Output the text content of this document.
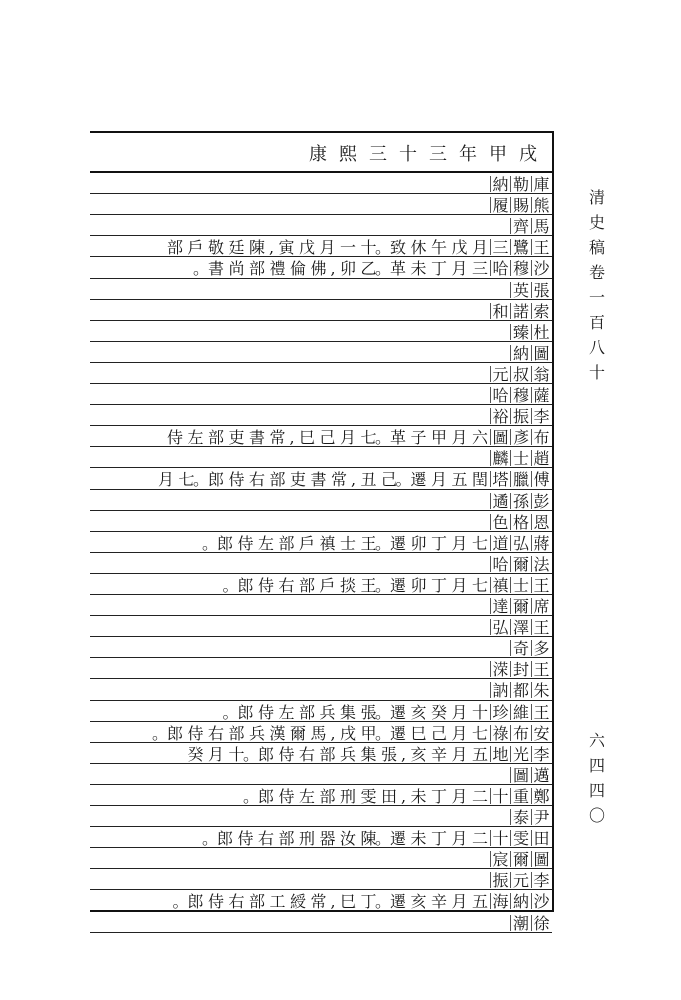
清
史
稿
卷
一
百
八
十
六
四
四
〇
康熙三十三年甲戌
庫
勒
納
熊
賜
履
馬
齊
王
鷺
三
月
戊
午
休
致
。
十
一
月
戊
寅
,
陳
廷
敬
戶
部
沙
穆
哈
三
月
丁
未
革
。
乙
卯
,
佛
倫
禮
部
尚
書
。
張
英
索
諾
和
杜
臻
圖
納
翁
叔
元
薩
穆
哈
李
振
裕
布
彥
圖
六
月
甲
子
革
。
七
月
己
巳
,
常
書
吏
部
左
侍
趙
士
麟
傅
臘
塔
閏
五
月
遷
。
己
丑
,
常
書
吏
部
右
侍
郎
。
七
月
彭
孫
遹
恩
格
色
蔣
弘
道
七
月
丁
卯
遷
。
王
士
禛
戶
部
左
侍
郎
。
法
爾
哈
王
士
禛
七
月
丁
卯
遷
。
王
掞
戶
部
右
侍
郎
。
席
爾
達
王
澤
弘
多
奇
王
封
溁
朱
都
訥
王
維
珍
十
月
癸
亥
遷
。
張
集
兵
部
左
侍
郎
。
安
布
祿
七
月
己
巳
遷
。
甲
戌
,
馬
爾
漢
兵
部
右
侍
郎
。
李
光
地
五
月
辛
亥
,
張
集
兵
部
右
侍
郎
。
十
月
癸
邁
圖
鄭
重
十
二
月
丁
未
,
田
雯
刑
部
左
侍
郎
。
尹
泰
田
雯
十
二
月
丁
未
遷
。
陳
汝
器
刑
部
右
侍
郎
。
圖
爾
宸
李
元
振
沙
納
海
五
月
辛
亥
遷
。
丁
巳
,
常
綬
工
部
右
侍
郎
。
徐
潮
